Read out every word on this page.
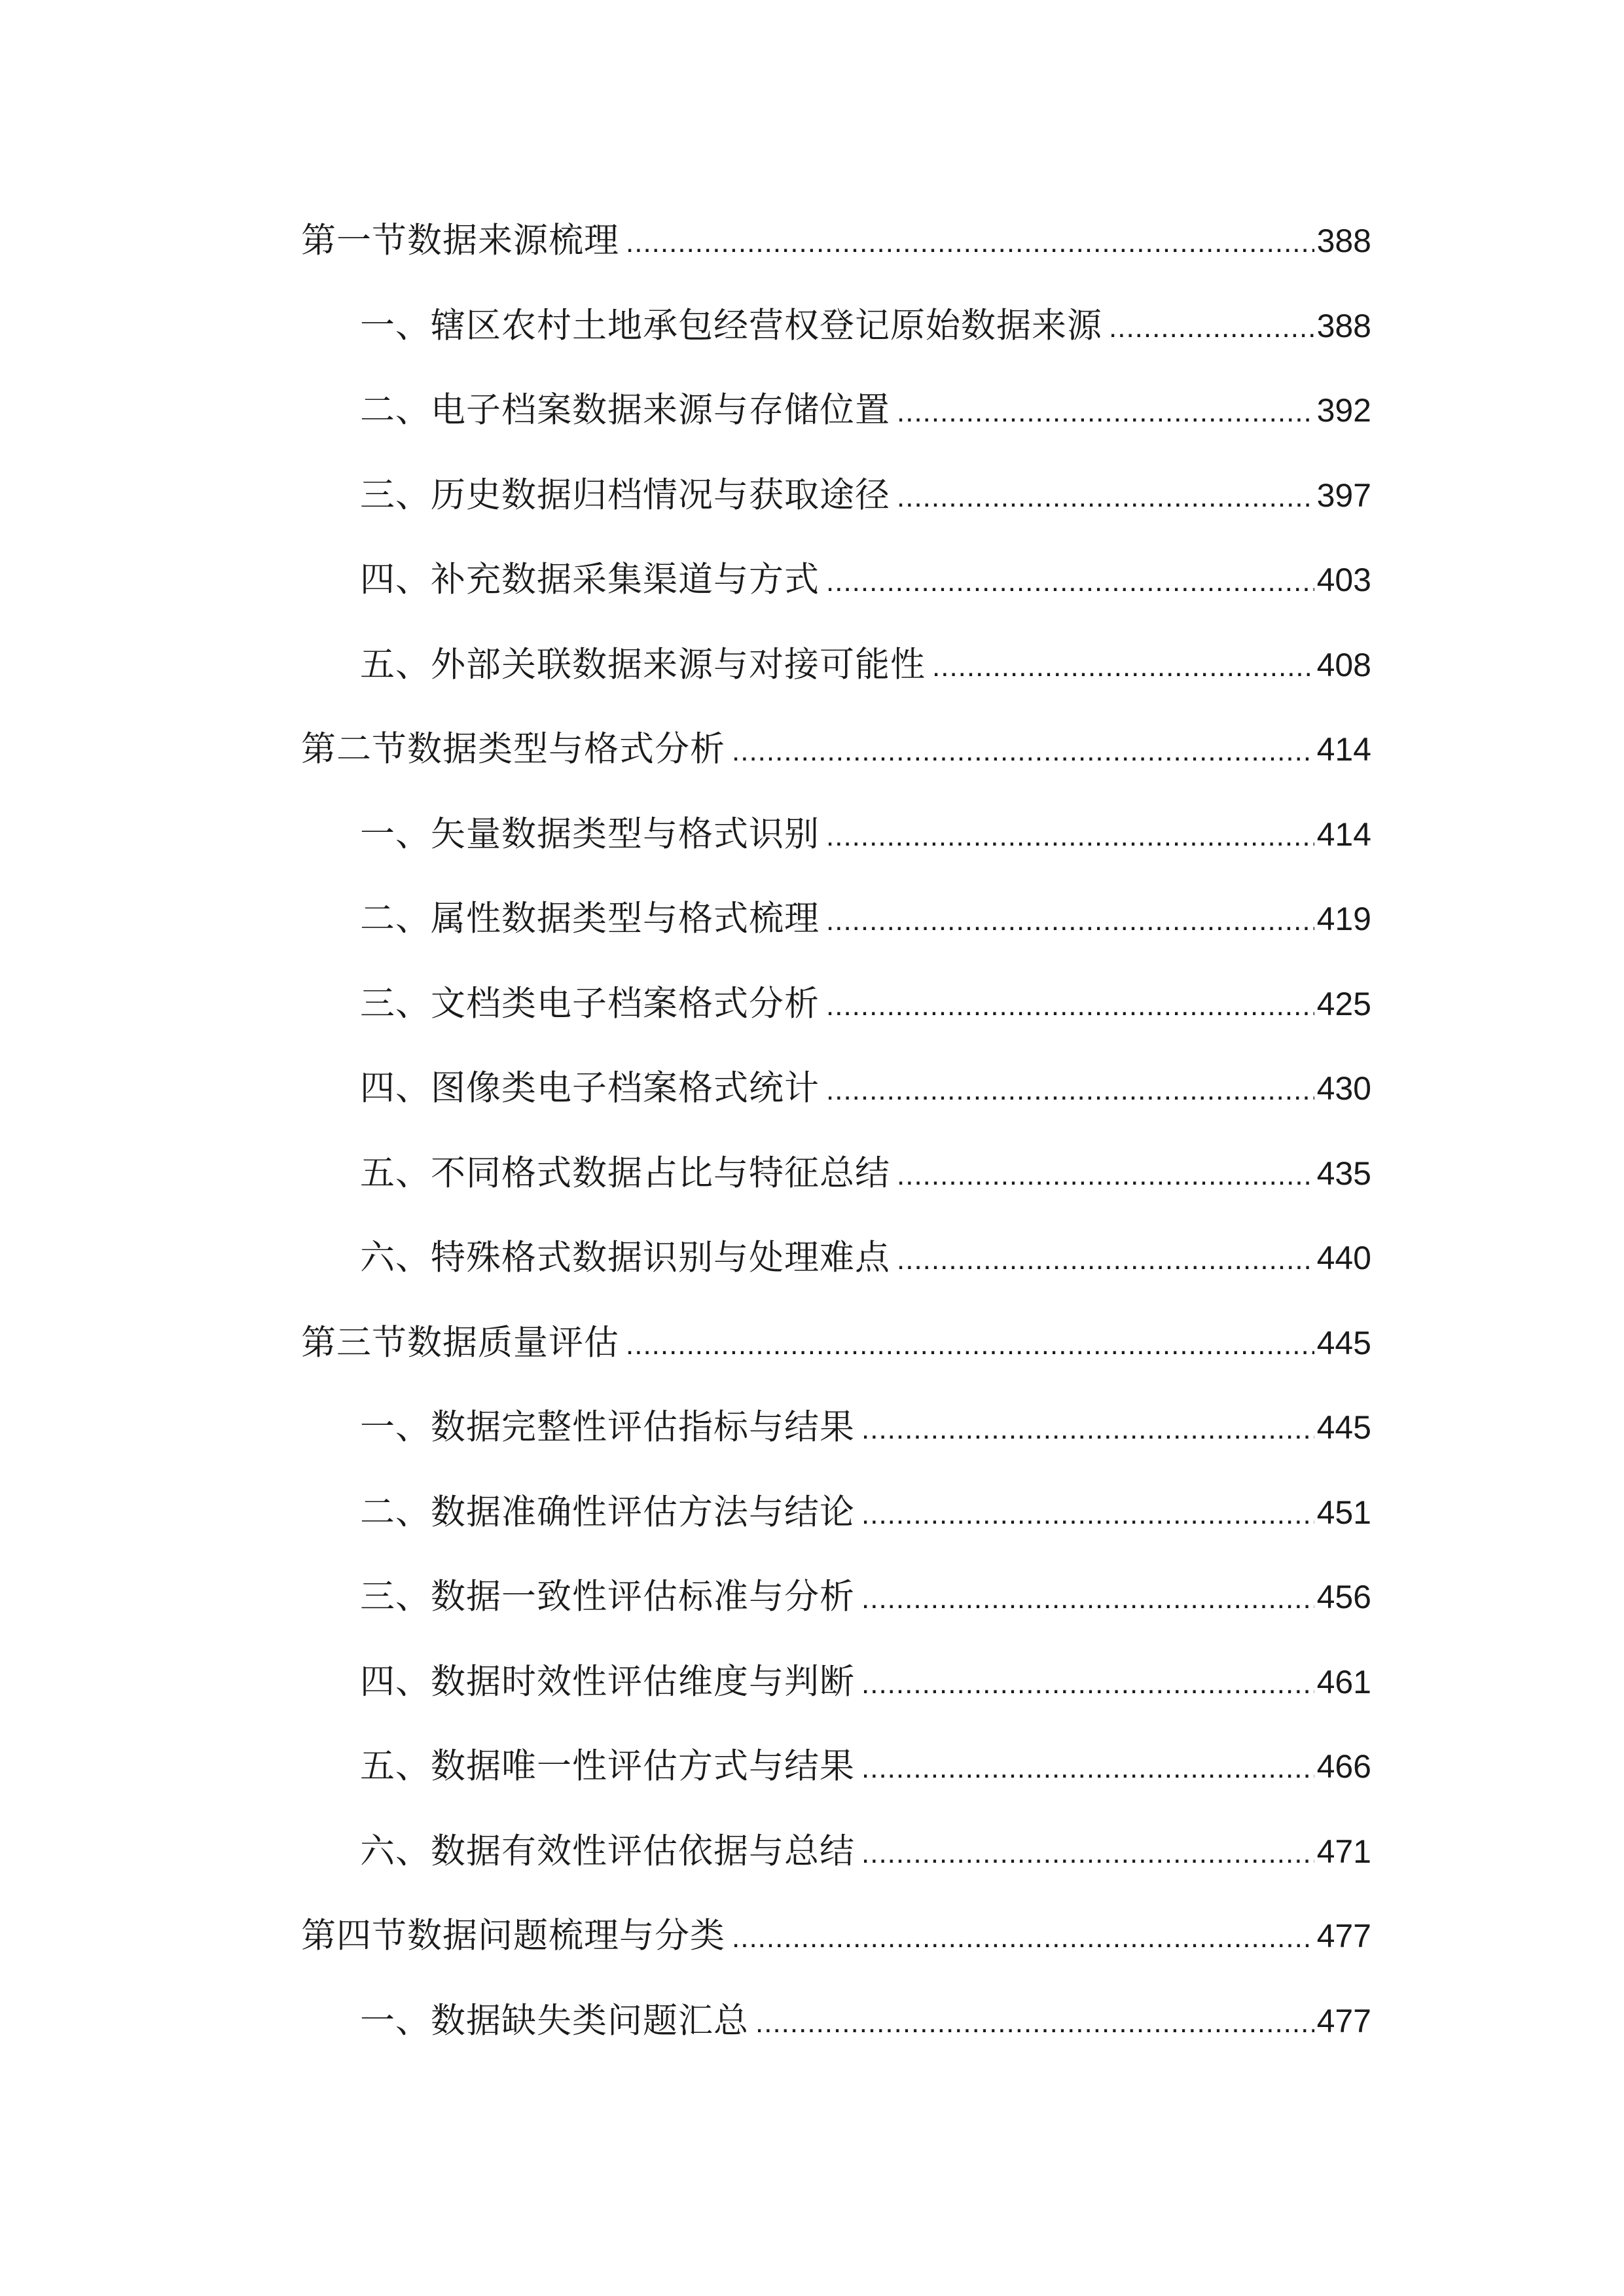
第一节数据来源梳理 .....	388
一、辖区农村土地承包经营权登记原始数据来源 .....	388
二、电子档案数据来源与存储位置 .....	392
三、历史数据归档情况与获取途径 .....	397
四、补充数据采集渠道与方式 .....	403
五、外部关联数据来源与对接可能性 .....	408
第二节数据类型与格式分析 .....	414
一、矢量数据类型与格式识别 .....	414
二、属性数据类型与格式梳理 .....	419
三、文档类电子档案格式分析 .....	425
四、图像类电子档案格式统计 .....	430
五、不同格式数据占比与特征总结 .....	435
六、特殊格式数据识别与处理难点 .....	440
第三节数据质量评估 .....	445
一、数据完整性评估指标与结果 .....	445
二、数据准确性评估方法与结论 .....	451
三、数据一致性评估标准与分析 .....	456
四、数据时效性评估维度与判断 .....	461
五、数据唯一性评估方式与结果 .....	466
六、数据有效性评估依据与总结 .....	471
第四节数据问题梳理与分类 .....	477
一、数据缺失类问题汇总 .....	477
